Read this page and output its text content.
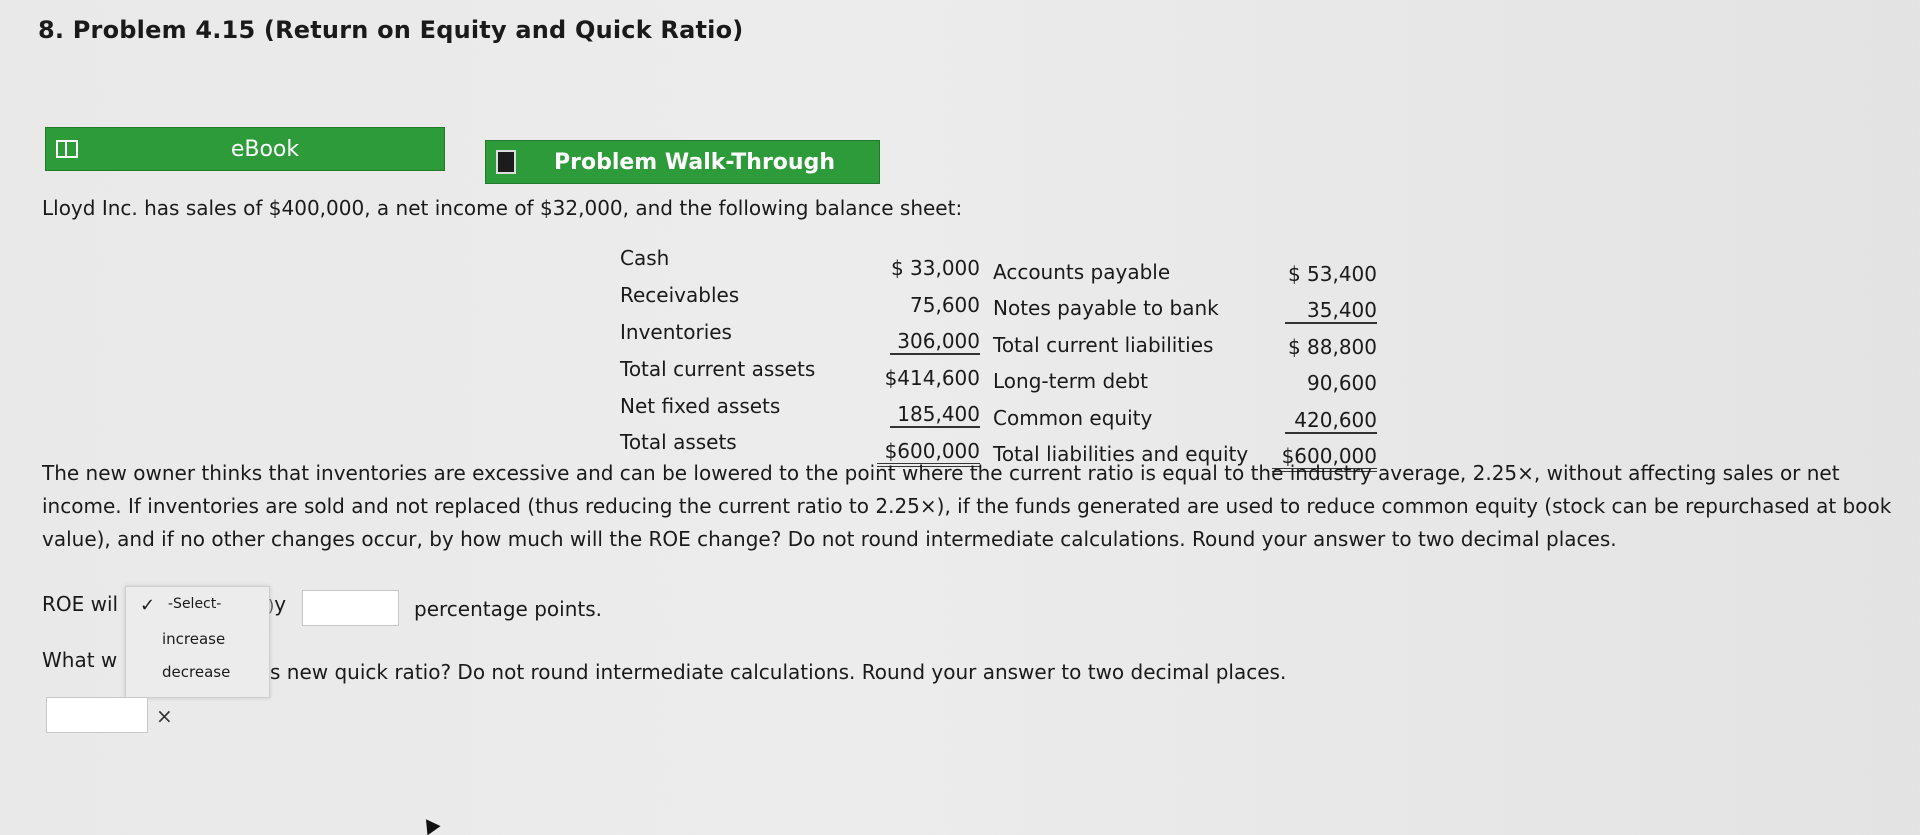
8. Problem 4.15 (Return on Equity and Quick Ratio)
eBook
Problem Walk-Through
Lloyd Inc. has sales of $400,000, a net income of $32,000, and the following balance sheet:
Cash
Receivables
Inventories
Total current assets
Net fixed assets
Total assets
$ 33,000
75,600
306,000
$414,600
185,400
$600,000
Accounts payable
Notes payable to bank
Total current liabilities
Long-term debt
Common equity
Total liabilities and equity
$ 53,400
35,400
$ 88,800
90,600
420,600
$600,000
The new owner thinks that inventories are excessive and can be lowered to the point where the current ratio is equal to the industry average, 2.25×, without affecting sales or net income. If inventories are sold and not replaced (thus reducing the current ratio to 2.25×), if the funds generated are used to reduce common equity (stock can be repurchased at book value), and if no other changes occur, by how much will the ROE change? Do not round intermediate calculations. Round your answer to two decimal places.
ROE wil ✓ -Select-
increase
decrease
)y	percentage points.
What w	s new quick ratio? Do not round intermediate calculations. Round your answer to two decimal places.
×
